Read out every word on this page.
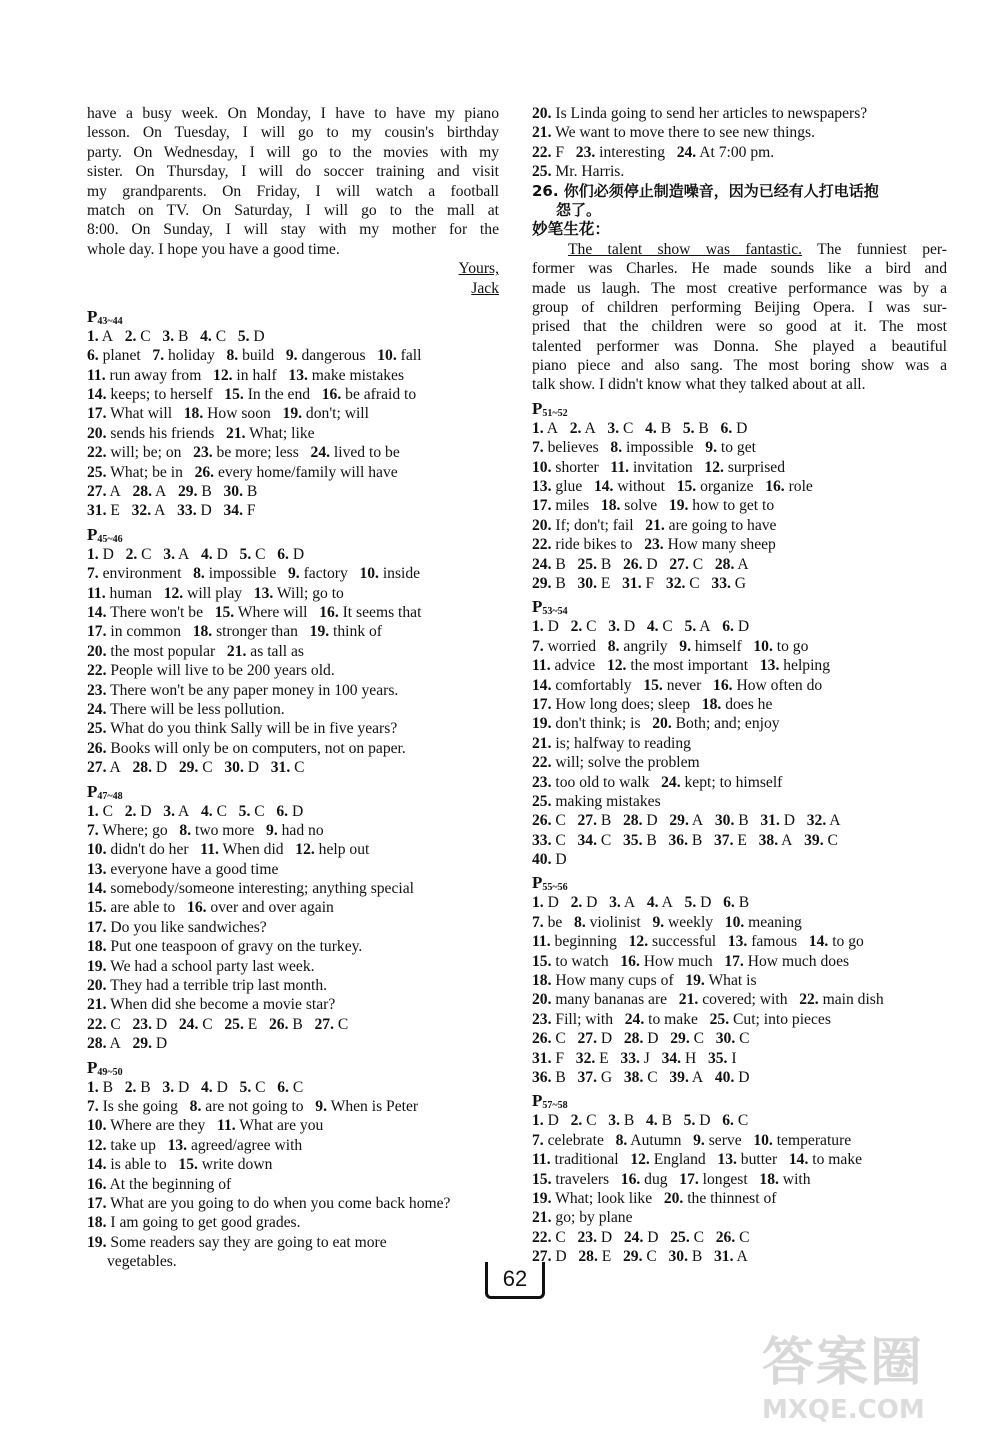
have a busy week. On Monday, I have to have my piano
lesson. On Tuesday, I will go to my cousin's birthday
party. On Wednesday, I will go to the movies with my
sister. On Thursday, I will do soccer training and visit
my grandparents. On Friday, I will watch a football
match on TV. On Saturday, I will go to the mall at
8:00. On Sunday, I will stay with my mother for the
whole day. I hope you have a good time.
Yours,
Jack
$P_{43\sim 44}$
1. A   2. C   3. B   4. C   5. D
6. planet   7. holiday   8. build   9. dangerous   10. fall
11. run away from   12. in half   13. make mistakes
14. keeps; to herself   15. In the end   16. be afraid to
17. What will   18. How soon   19. don't; will
20. sends his friends   21. What; like
22. will; be; on   23. be more; less   24. lived to be
25. What; be in   26. every home/family will have
27. A   28. A   29. B   30. B
31. E   32. A   33. D   34. F
$P_{45\sim 46}$
1. D   2. C   3. A   4. D   5. C   6. D
7. environment   8. impossible   9. factory   10. inside
11. human   12. will play   13. Will; go to
14. There won't be   15. Where will   16. It seems that
17. in common   18. stronger than   19. think of
20. the most popular   21. as tall as
22. People will live to be 200 years old.
23. There won't be any paper money in 100 years.
24. There will be less pollution.
25. What do you think Sally will be in five years?
26. Books will only be on computers, not on paper.
27. A   28. D   29. C   30. D   31. C
$P_{47\sim 48}$
1. C   2. D   3. A   4. C   5. C   6. D
7. Where; go   8. two more   9. had no
10. didn't do her   11. When did   12. help out
13. everyone have a good time
14. somebody/someone interesting; anything special
15. are able to   16. over and over again
17. Do you like sandwiches?
18. Put one teaspoon of gravy on the turkey.
19. We had a school party last week.
20. They had a terrible trip last month.
21. When did she become a movie star?
22. C   23. D   24. C   25. E   26. B   27. C
28. A   29. D
$P_{49\sim 50}$
1. B   2. B   3. D   4. D   5. C   6. C
7. Is she going   8. are not going to   9. When is Peter
10. Where are they   11. What are you
12. take up   13. agreed/agree with
14. is able to   15. write down
16. At the beginning of
17. What are you going to do when you come back home?
18. I am going to get good grades.
19. Some readers say they are going to eat more
vegetables.
20. Is Linda going to send her articles to newspapers?
21. We want to move there to see new things.
22. F   23. interesting   24. At 7:00 pm.
25. Mr. Harris.
26. 你们必须停止制造噪音，因为已经有人打电话抱
怨了。
妙笔生花：
The talent show was fantastic. The funniest per-
former was Charles. He made sounds like a bird and
made us laugh. The most creative performance was by a
group of children performing Beijing Opera. I was sur-
prised that the children were so good at it. The most
talented performer was Donna. She played a beautiful
piano piece and also sang. The most boring show was a
talk show. I didn't know what they talked about at all.
$P_{51\sim 52}$
1. A   2. A   3. C   4. B   5. B   6. D
7. believes   8. impossible   9. to get
10. shorter   11. invitation   12. surprised
13. glue   14. without   15. organize   16. role
17. miles   18. solve   19. how to get to
20. If; don't; fail   21. are going to have
22. ride bikes to   23. How many sheep
24. B   25. B   26. D   27. C   28. A
29. B   30. E   31. F   32. C   33. G
$P_{53\sim 54}$
1. D   2. C   3. D   4. C   5. A   6. D
7. worried   8. angrily   9. himself   10. to go
11. advice   12. the most important   13. helping
14. comfortably   15. never   16. How often do
17. How long does; sleep   18. does he
19. don't think; is   20. Both; and; enjoy
21. is; halfway to reading
22. will; solve the problem
23. too old to walk   24. kept; to himself
25. making mistakes
26. C   27. B   28. D   29. A   30. B   31. D   32. A
33. C   34. C   35. B   36. B   37. E   38. A   39. C
40. D
$P_{55\sim 56}$
1. D   2. D   3. A   4. A   5. D   6. B
7. be   8. violinist   9. weekly   10. meaning
11. beginning   12. successful   13. famous   14. to go
15. to watch   16. How much   17. How much does
18. How many cups of   19. What is
20. many bananas are   21. covered; with   22. main dish
23. Fill; with   24. to make   25. Cut; into pieces
26. C   27. D   28. D   29. C   30. C
31. F   32. E   33. J   34. H   35. I
36. B   37. G   38. C   39. A   40. D
$P_{57\sim 58}$
1. D   2. C   3. B   4. B   5. D   6. C
7. celebrate   8. Autumn   9. serve   10. temperature
11. traditional   12. England   13. butter   14. to make
15. travelers   16. dug   17. longest   18. with
19. What; look like   20. the thinnest of
21. go; by plane
22. C   23. D   24. D   25. C   26. C
27. D   28. E   29. C   30. B   31. A
62
答案圈
MXQE.COM
